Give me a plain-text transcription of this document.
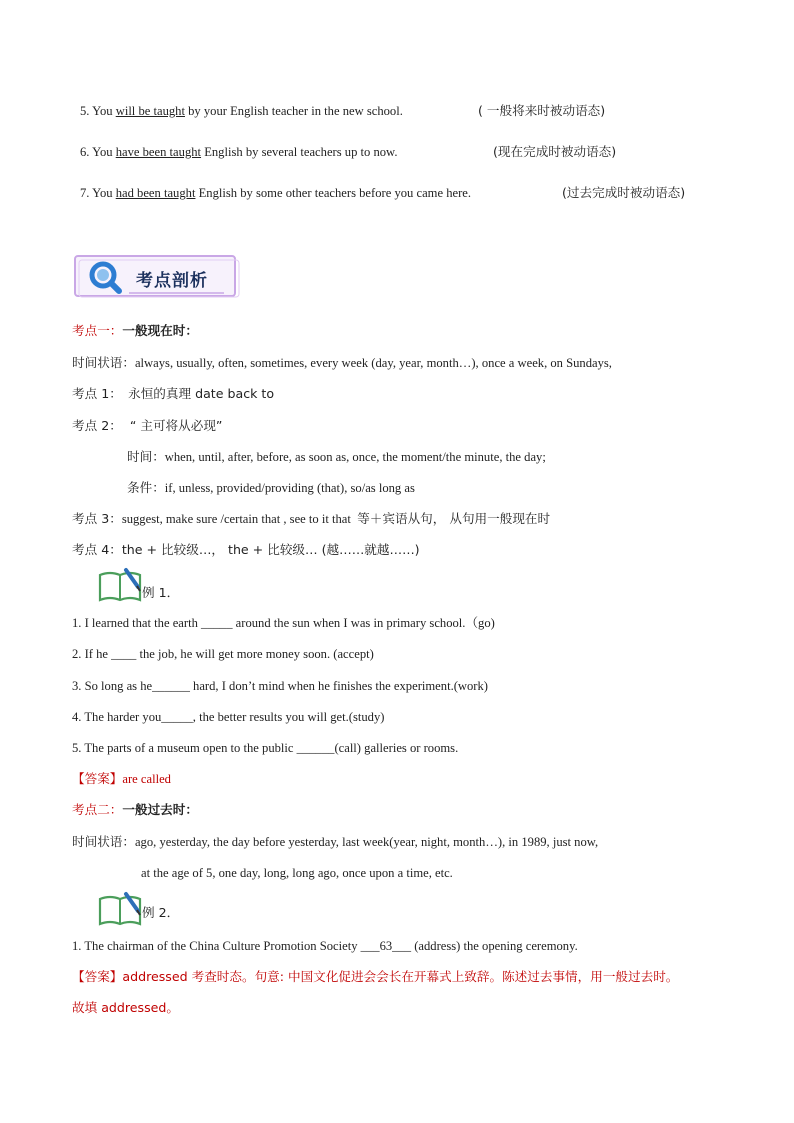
5. You will be taught by your English teacher in the new school.	( 一般将来时被动语态)
6. You have been taught English by several teachers up to now.	(现在完成时被动语态)
7. You had been taught English by some other teachers before you came here.	(过去完成时被动语态)
考点剖析
考点一：一般现在时：
时间状语：always, usually, often, sometimes, every week (day, year, month…), once a week, on Sundays,
考点 1： 永恒的真理 date back to
考点 2： “ 主可将从必现”
时间：when, until, after, before, as soon as, once, the moment/the minute, the day;
条件：if, unless, provided/providing (that), so/as long as
考点 3：suggest, make sure /certain that , see to it that 等＋宾语从句， 从句用一般现在时
考点 4：the + 比较级…， the + 比较级… (越……就越……)
例 1．
1. I learned that the earth _____ around the sun when I was in primary school.（go)
2. If he ____ the job, he will get more money soon. (accept)
3. So long as he______ hard, I don’t mind when he finishes the experiment.(work)
4. The harder you_____, the better results you will get.(study)
5. The parts of a museum open to the public ______(call) galleries or rooms.
【答案】are called
考点二：一般过去时：
时间状语：ago, yesterday, the day before yesterday, last week(year, night, month…), in 1989, just now,
at the age of 5, one day, long, long ago, once upon a time, etc.
例 2．
1. The chairman of the China Culture Promotion Society ___63___ (address) the opening ceremony.
【答案】addressed 考查时态。句意: 中国文化促进会会长在开幕式上致辞。陈述过去事情，用一般过去时。
故填 addressed。
